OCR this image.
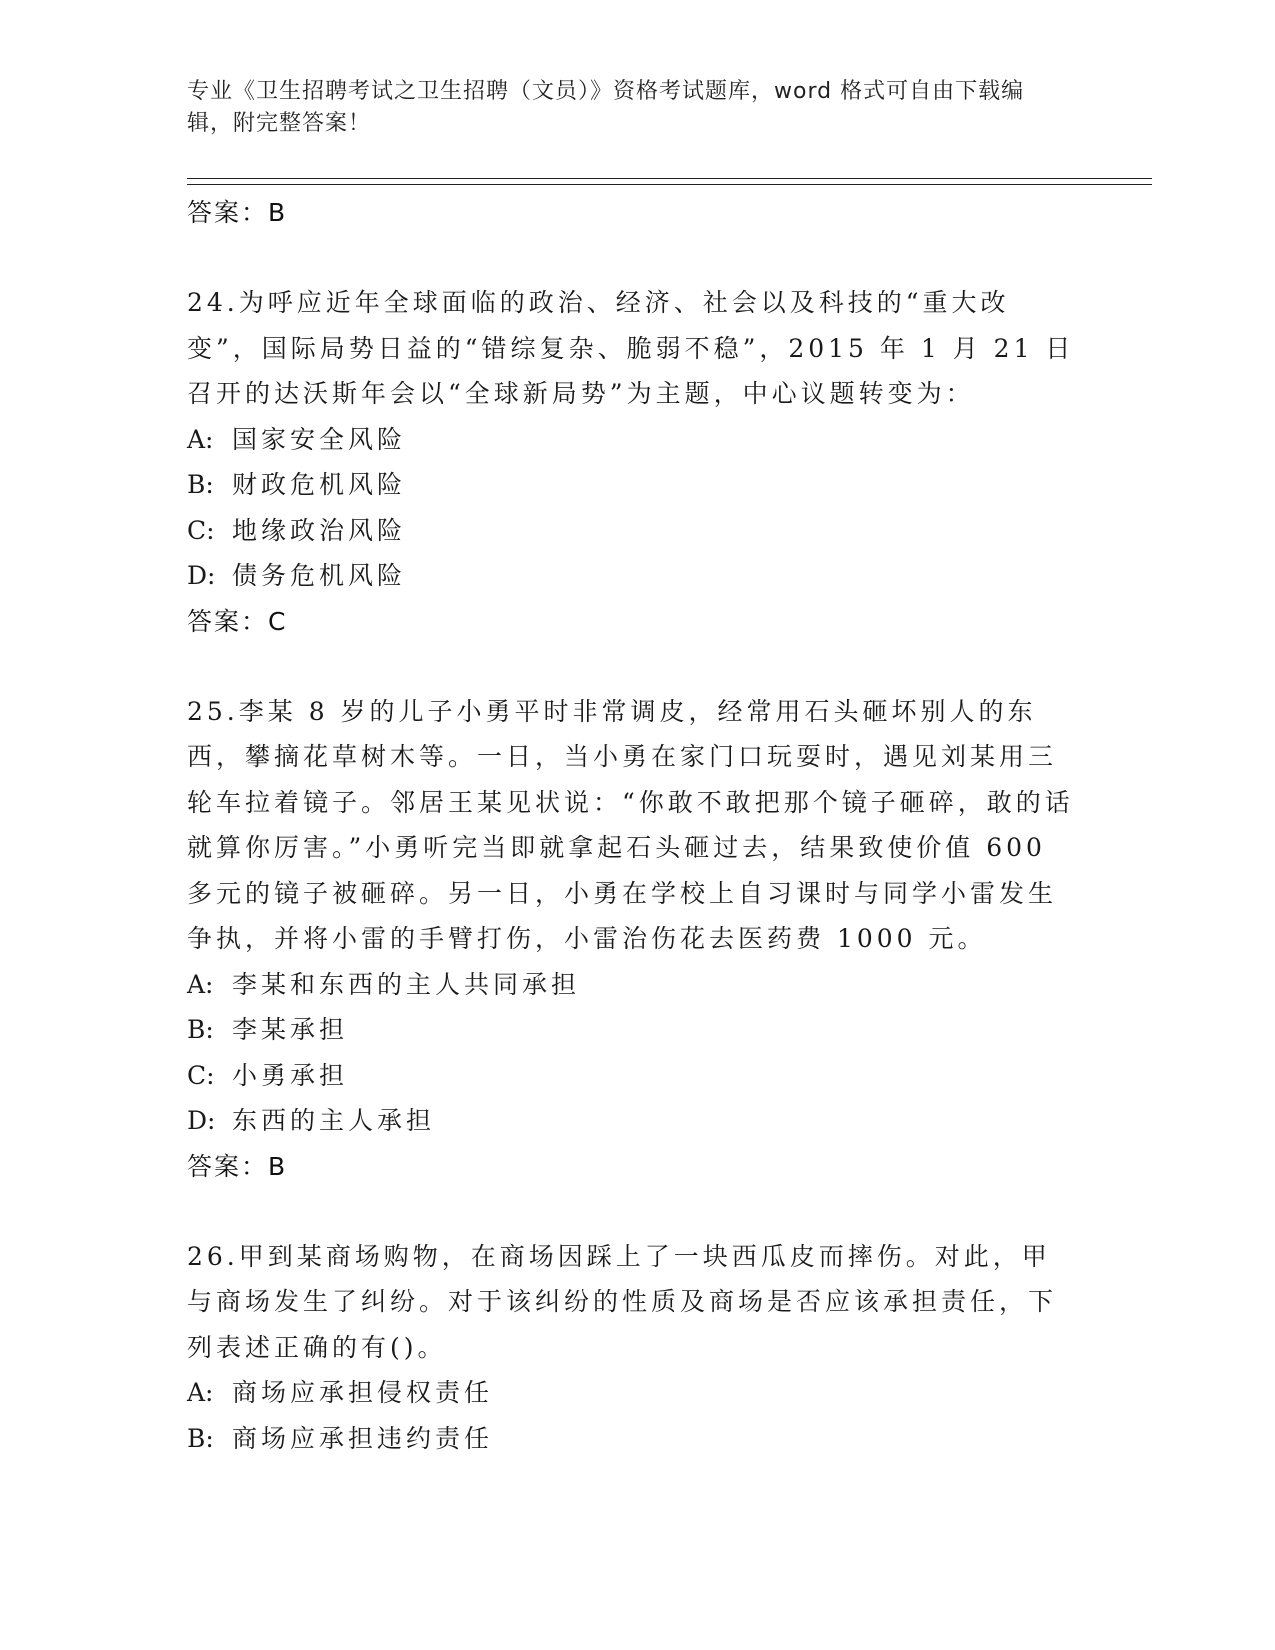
专业《卫生招聘考试之卫生招聘（文员）》资格考试题库，word 格式可自由下载编辑，附完整答案！
答案：B
24.为呼应近年全球面临的政治、经济、社会以及科技的“重大改变”，国际局势日益的“错综复杂、脆弱不稳”，2015 年 1 月 21 日召开的达沃斯年会以“全球新局势”为主题，中心议题转变为：
A: 国家安全风险
B: 财政危机风险
C: 地缘政治风险
D: 债务危机风险
答案：C
25.李某 8 岁的儿子小勇平时非常调皮，经常用石头砸坏别人的东西，攀摘花草树木等。一日，当小勇在家门口玩耍时，遇见刘某用三轮车拉着镜子。邻居王某见状说：“你敢不敢把那个镜子砸碎，敢的话就算你厉害。”小勇听完当即就拿起石头砸过去，结果致使价值 600 多元的镜子被砸碎。另一日，小勇在学校上自习课时与同学小雷发生争执，并将小雷的手臂打伤，小雷治伤花去医药费 1000 元。
A: 李某和东西的主人共同承担
B: 李某承担
C: 小勇承担
D: 东西的主人承担
答案：B
26.甲到某商场购物，在商场因踩上了一块西瓜皮而摔伤。对此，甲与商场发生了纠纷。对于该纠纷的性质及商场是否应该承担责任，下列表述正确的有()。
A: 商场应承担侵权责任
B: 商场应承担违约责任
